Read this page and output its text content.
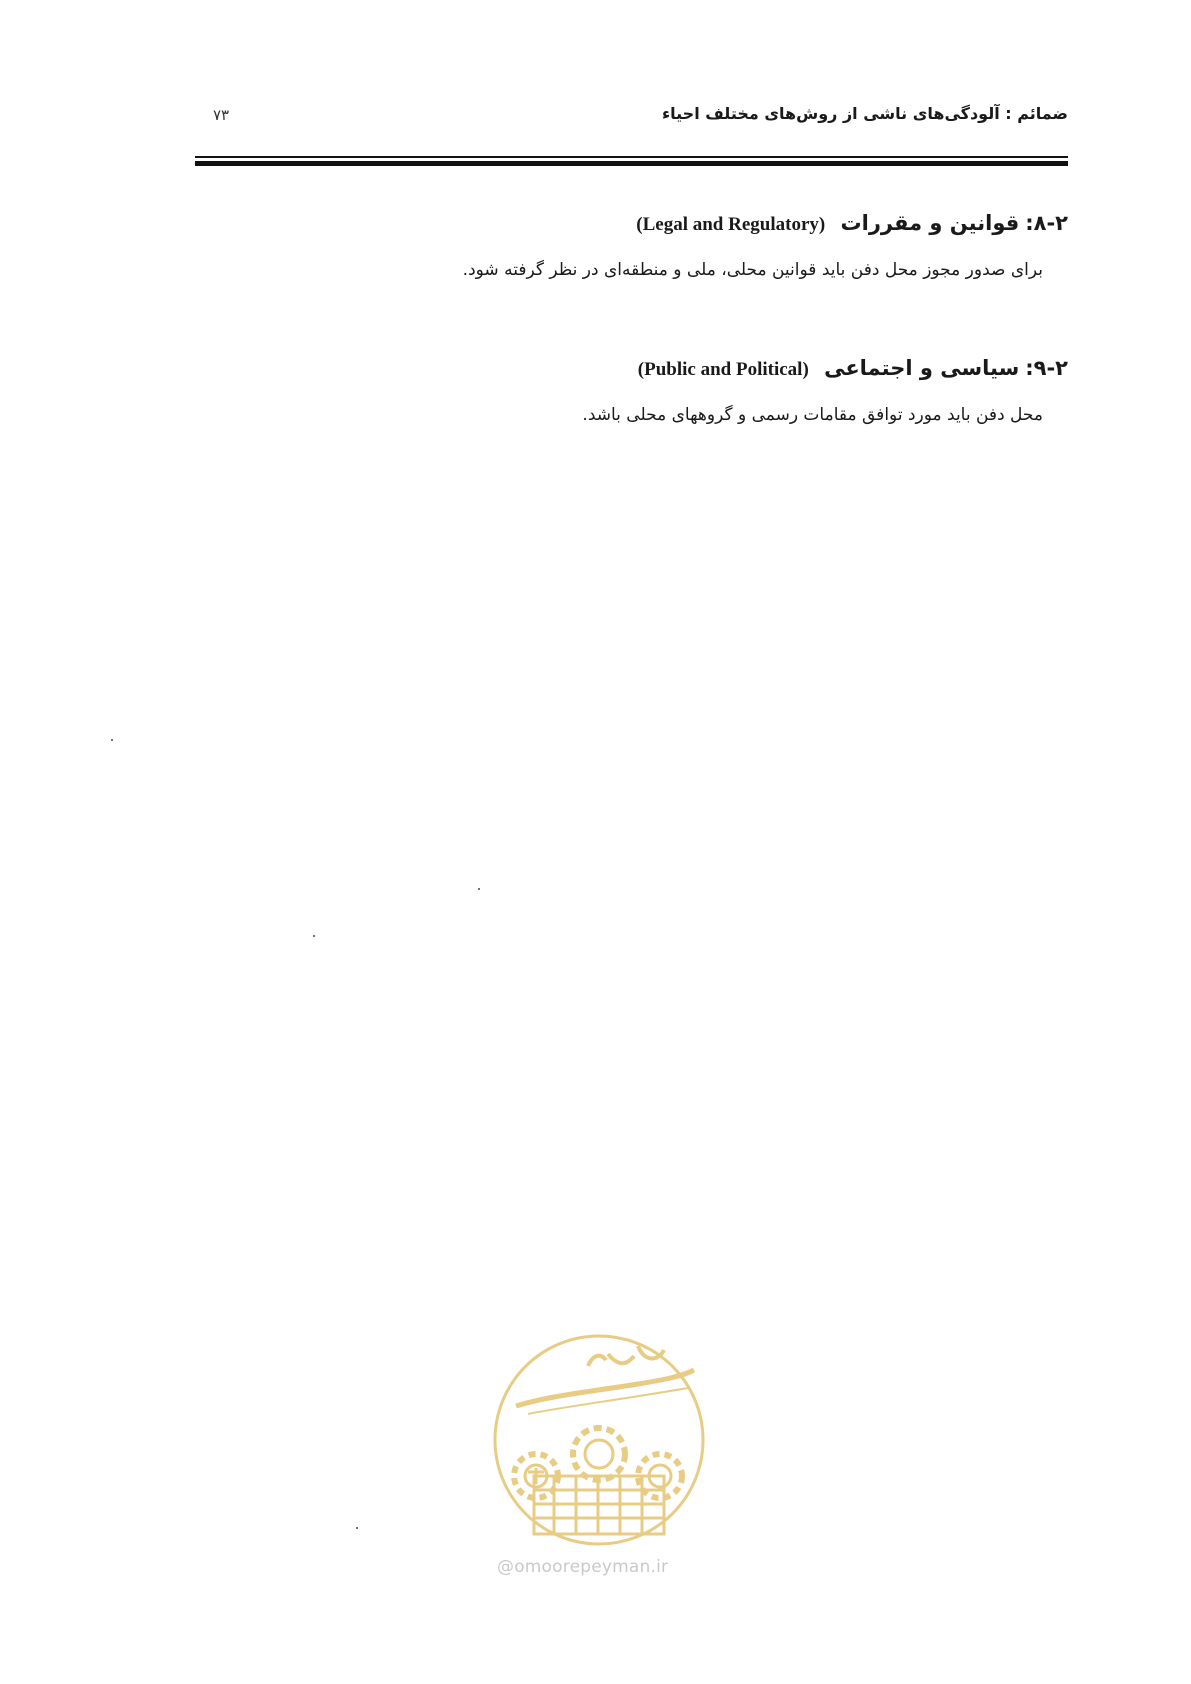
ضمائم : آلودگی‌های ناشی از روش‌های مختلف احیاء
۷۳
۸-۲:قوانین و مقررات (Legal and Regulatory)

برای صدور مجوز محل دفن باید قوانین محلی، ملی و منطقه‌ای در نظر گرفته شود.

۹-۲:سیاسی و اجتماعی (Public and Political)

محل دفن باید مورد توافق مقامات رسمی و گروههای محلی باشد.

@omoorepeyman.ir
